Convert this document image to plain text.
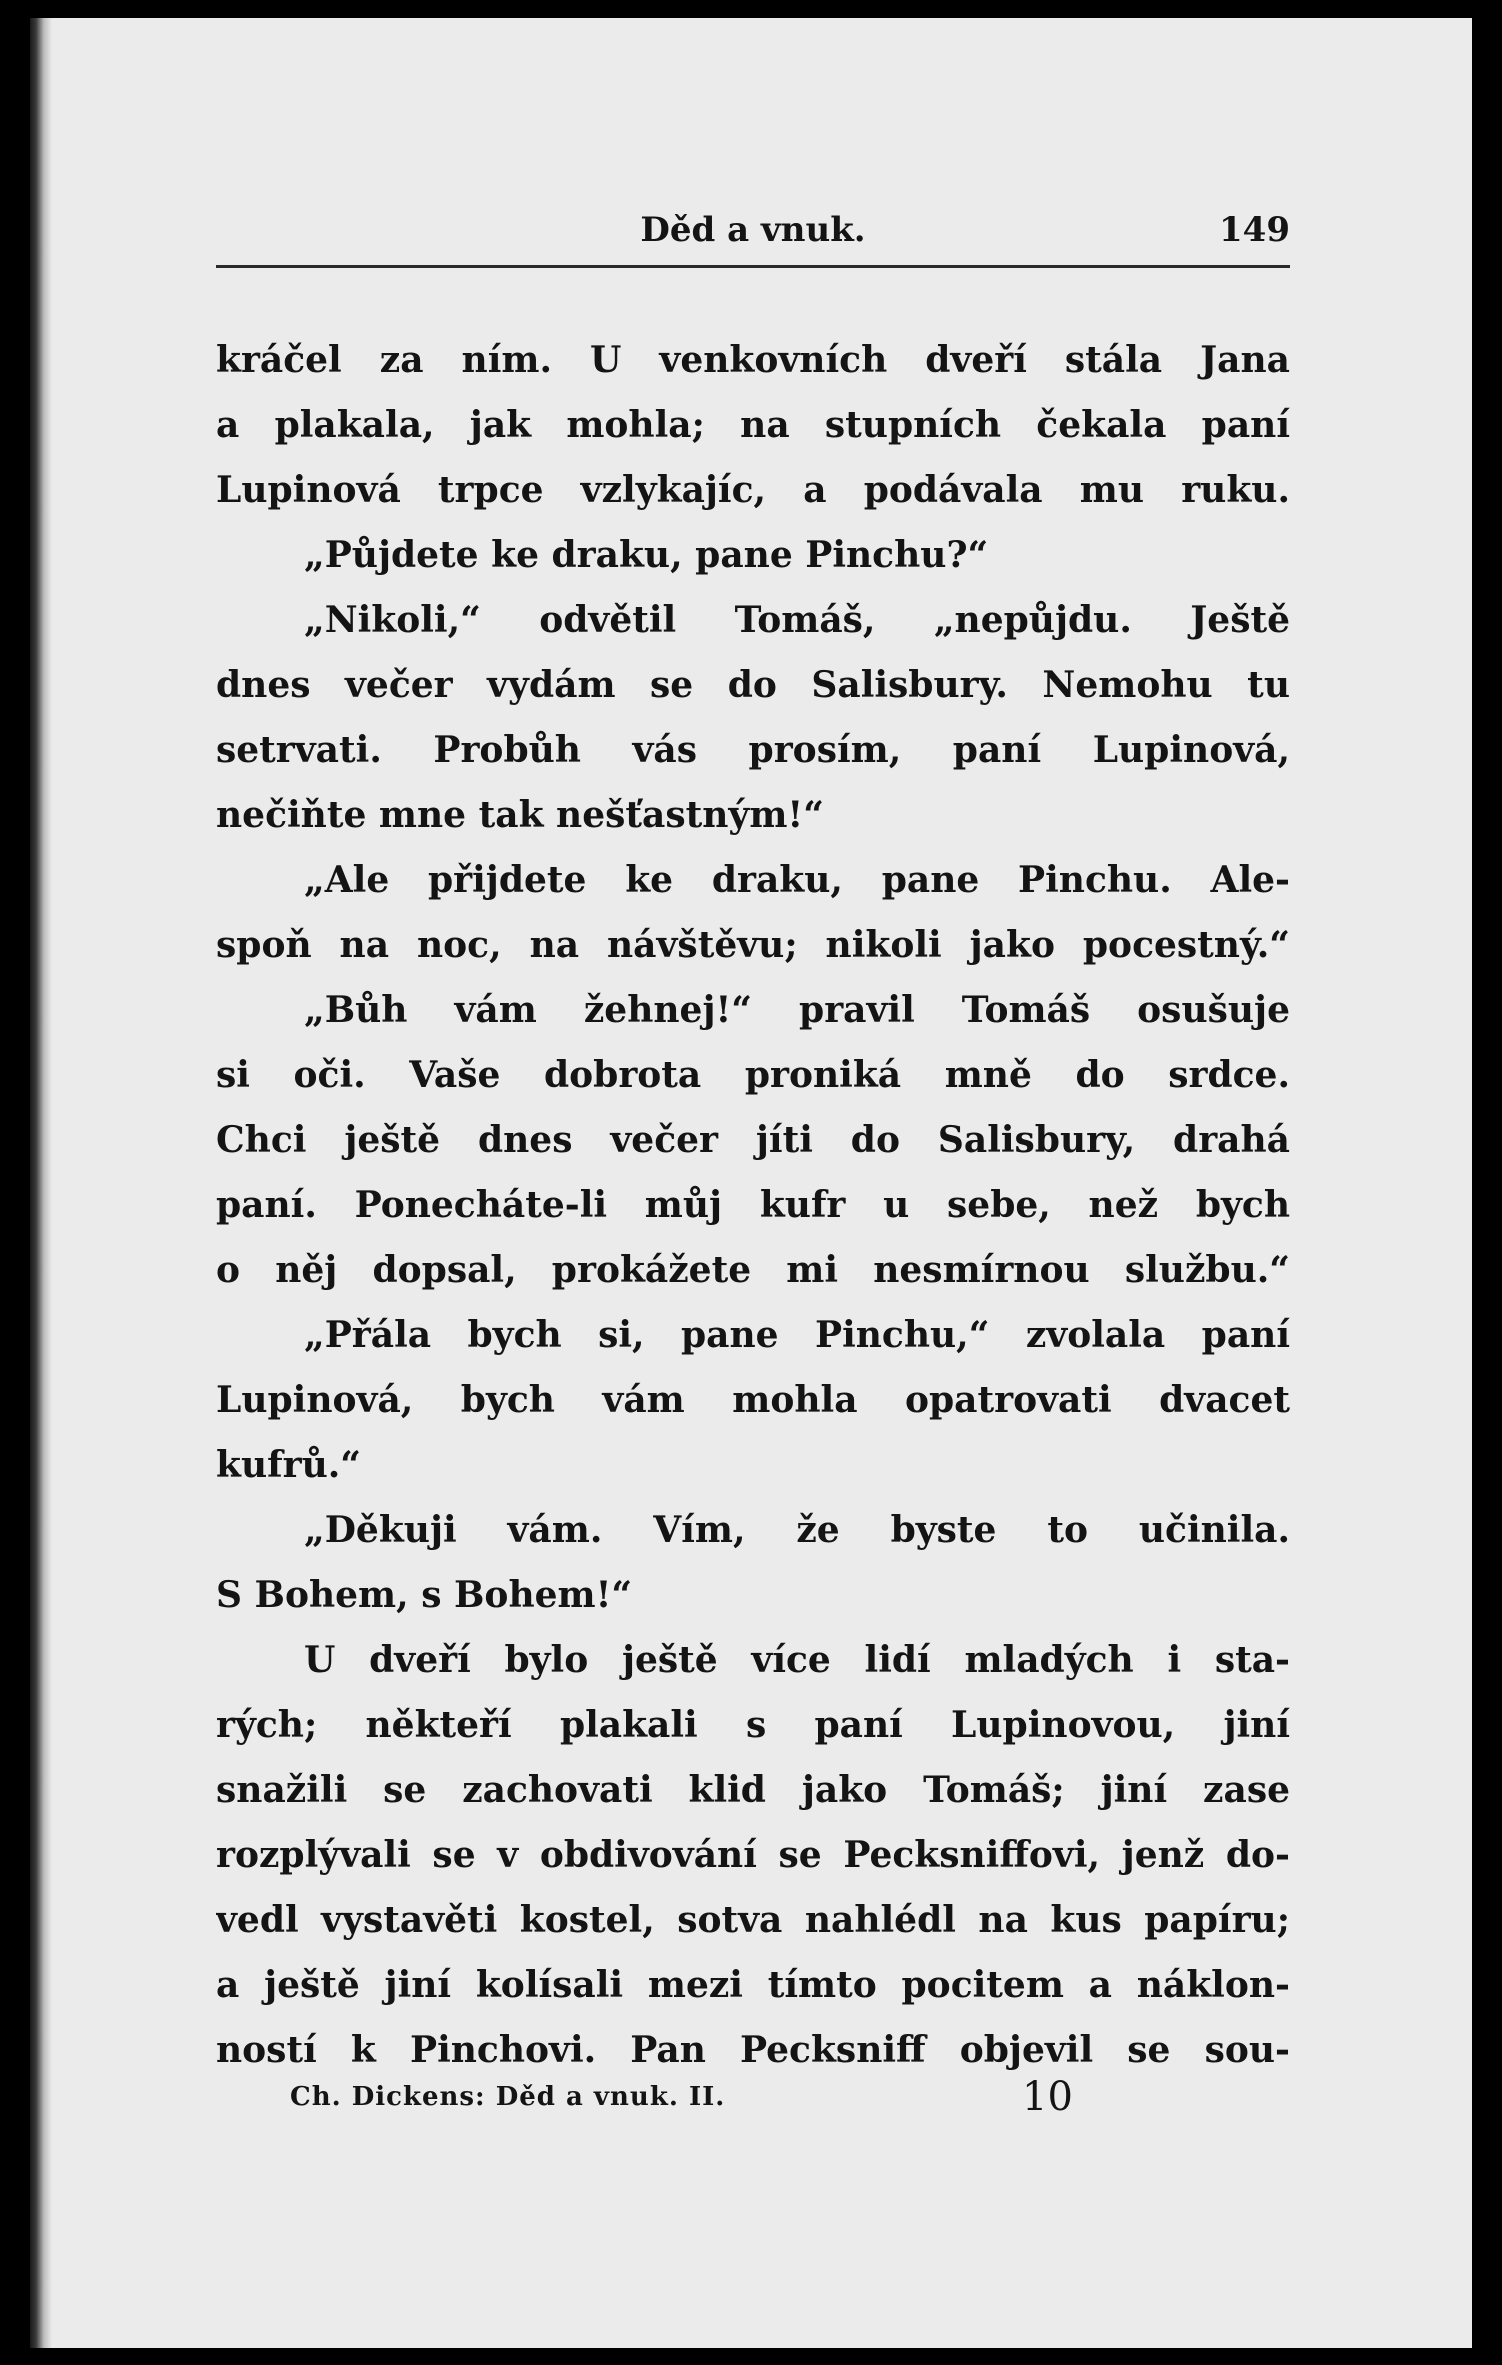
Děd a vnuk.	149
kráčel za ním. U venkovních dveří stála Jana
a plakala, jak mohla; na stupních čekala paní
Lupinová trpce vzlykajíc, a podávala mu ruku.
„Půjdete ke draku, pane Pinchu?“
„Nikoli,“ odvětil Tomáš, „nepůjdu. Ještě
dnes večer vydám se do Salisbury. Nemohu tu
setrvati. Probůh vás prosím, paní Lupinová,
nečiňte mne tak nešťastným!“
„Ale přijdete ke draku, pane Pinchu. Ale-
spoň na noc, na návštěvu; nikoli jako pocestný.“
„Bůh vám žehnej!“ pravil Tomáš osušuje
si oči. Vaše dobrota proniká mně do srdce.
Chci ještě dnes večer jíti do Salisbury, drahá
paní. Ponecháte-li můj kufr u sebe, než bych
o něj dopsal, prokážete mi nesmírnou službu.“
„Přála bych si, pane Pinchu,“ zvolala paní
Lupinová, bych vám mohla opatrovati dvacet
kufrů.“
„Děkuji vám. Vím, že byste to učinila.
S Bohem, s Bohem!“
U dveří bylo ještě více lidí mladých i sta-
rých; někteří plakali s paní Lupinovou, jiní
snažili se zachovati klid jako Tomáš; jiní zase
rozplývali se v obdivování se Pecksniffovi, jenž do-
vedl vystavěti kostel, sotva nahlédl na kus papíru;
a ještě jiní kolísali mezi tímto pocitem a náklon-
ností k Pinchovi. Pan Pecksniff objevil se sou-
Ch. Dickens: Děd a vnuk. II.	10
